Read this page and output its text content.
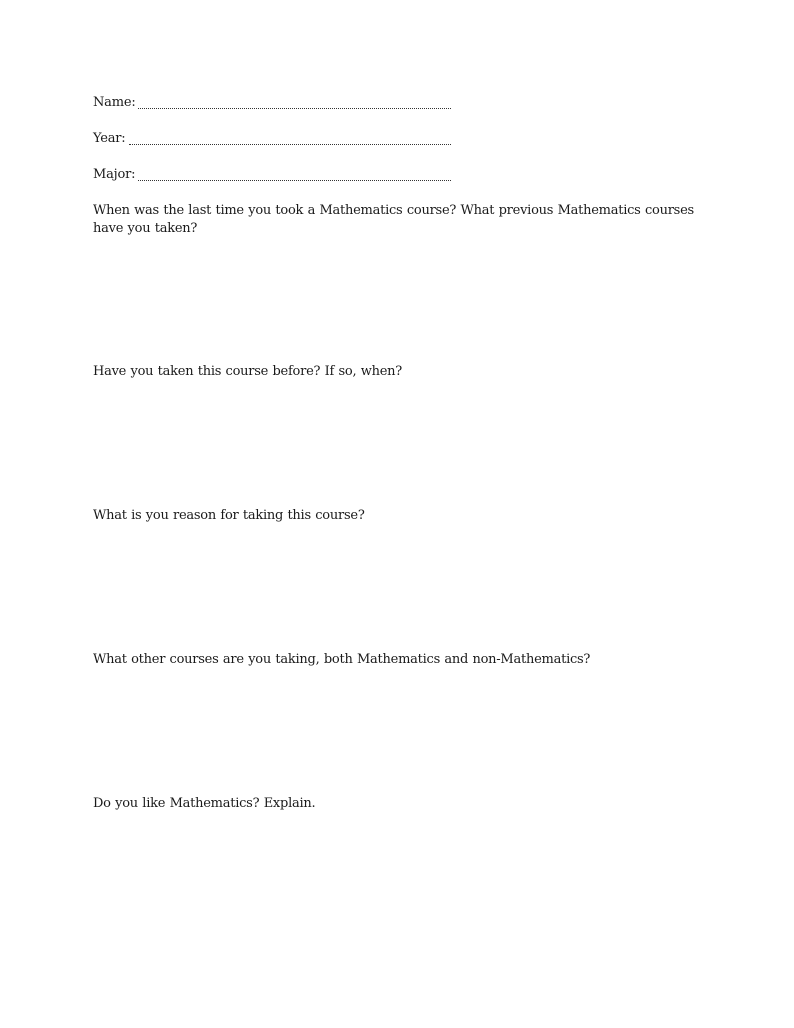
Name:
Year:
Major:
When was the last time you took a Mathematics course? What previous Mathematics courses have you taken?
Have you taken this course before? If so, when?
What is you reason for taking this course?
What other courses are you taking, both Mathematics and non-Mathematics?
Do you like Mathematics? Explain.
